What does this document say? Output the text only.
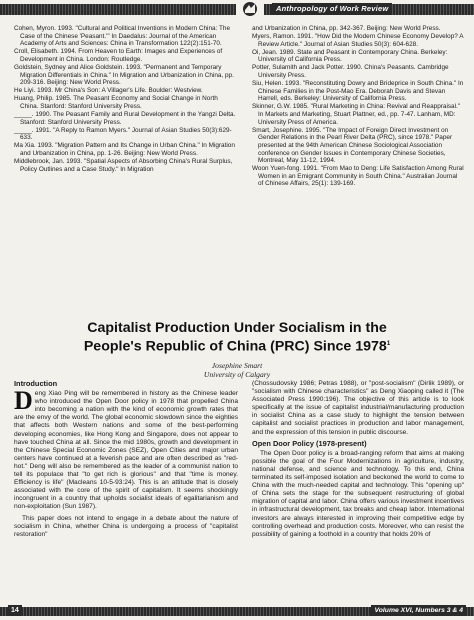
Anthropology of Work Review

Cohen, Myron. 1993. "Cultural and Political Inventions in Modern China: The Case of the Chinese 'Peasant.'" In Daedalus: Journal of the American Academy of Arts and Sciences: China in Transformation 122(2):151-70.

Croll, Elisabeth. 1994. From Heaven to Earth: Images and Experiences of Development in China. London: Routledge.

Goldstein, Sydney and Alice Goldstein. 1993. "Permanent and Temporary Migration Differentials in China." In Migration and Urbanization in China, pp. 209-316. Beijing: New World Press.

He Liyi. 1993. Mr China's Son: A Villager's Life. Boulder: Westview.

Huang, Philip. 1985. The Peasant Economy and Social Change in North China. Stanford: Stanford University Press.

_____. 1990. The Peasant Family and Rural Development in the Yangzi Delta. Stanford: Stanford University Press.

_____. 1991. "A Reply to Ramon Myers." Journal of Asian Studies 50(3):629-633.

Ma Xia. 1993. "Migration Pattern and Its Change in Urban China." In Migration and Urbanization in China, pp. 1-26. Beijing: New World Press.

Middlebrook, Jan. 1993. "Spatial Aspects of Absorbing China's Rural Surplus, Policy Outlines and a Case Study." In Migration

and Urbanization in China, pp. 342-367. Beijing: New World Press.

Myers, Ramon. 1991. "How Did the Modern Chinese Economy Develop? A Review Article." Journal of Asian Studies 50(3): 604-628.

Oi, Jean. 1989. State and Peasant in Contemporary China. Berkeley: University of California Press.

Potter, Sulamith and Jack Potter. 1990. China's Peasants. Cambridge University Press.

Siu, Helen. 1993. "Reconstituting Dowry and Brideprice in South China." In Chinese Families in the Post-Mao Era. Deborah Davis and Stevan Harrell, eds. Berkeley: University of California Press.

Skinner, G.W. 1985. "Rural Marketing in China: Revival and Reappraisal." In Markets and Marketing, Stuart Plattner, ed., pp. 7-47. Lanham, MD: University Press of America.

Smart, Josephine. 1995. "The Impact of Foreign Direct Investment on Gender Relations in the Pearl River Delta (PRC), since 1978." Paper presented at the 94th American Chinese Sociological Association conference on Gender Issues in Contemporary Chinese Societies, Montreal, May 11-12, 1994.

Woon Yuen-fong. 1991. "From Mao to Deng: Life Satisfaction Among Rural Women in an Emigrant Community in South China." Australian Journal of Chinese Affairs, 25(1): 139-169.

Capitalist Production Under Socialism in the
People's Republic of China (PRC) Since 1978$^1$

Josephine Smart
University of Calgary

Introduction

Deng Xiao Ping will be remembered in history as the Chinese leader who introduced the Open Door policy in 1978 that propelled China into becoming a nation with the kind of economic growth rates that are the envy of the world. The global economic slowdown since the eighties that affects both Western nations and some of the best-performing developing economies, like Hong Kong and Singapore, does not appear to have touched China at all. Since the mid 1980s, growth and development in the Chinese Special Economic Zones (SEZ), Open Cities and major urban centers have continued at a feverish pace and are often described as "red-hot." Deng will also be remembered as the leader of a communist nation to tell its populace that "to get rich is glorious" and that "time is money. Efficiency is life" (Macleans 10-5-93:24). This is an attitude that is closely associated with the core of the spirit of capitalism. It seems shockingly incongruent in a country that upholds socialist ideals of egalitarianism and non-exploitation (Sun 1987).

This paper does not intend to engage in a debate about the nature of socialism in China, whether China is undergoing a process of "capitalist restoration"

(Chossudovsky 1986; Petras 1988), or "post-socialism" (Dirlik 1989), or "socialism with Chinese characteristics" as Deng Xiaoping called it (The Associated Press 1990:196). The objective of this article is to look specifically at the issue of capitalist industrial/manufacturing production in socialist China as a case study to highlight the tension between capitalist and socialist practices in production and labor management, and the expression of this tension in public discourse.

Open Door Policy (1978-present)

The Open Door policy is a broad-ranging reform that aims at making possible the goal of the Four Modernizations in agriculture, industry, national defense, and science and technology. To this end, China terminated its self-imposed isolation and beckoned the world to come to China with the much-needed capital and technology. This "opening up" of China sets the stage for the subsequent restructuring of global migration of capital and labor. China offers various investment incentives in infrastructural development, tax breaks and cheap labor. International investors are always interested in improving their competitive edge by controlling overhead and production costs. Moreover, who can resist the possibility of gaining a foothold in a country that holds 20% of

14	Volume XVI, Numbers 3 & 4
